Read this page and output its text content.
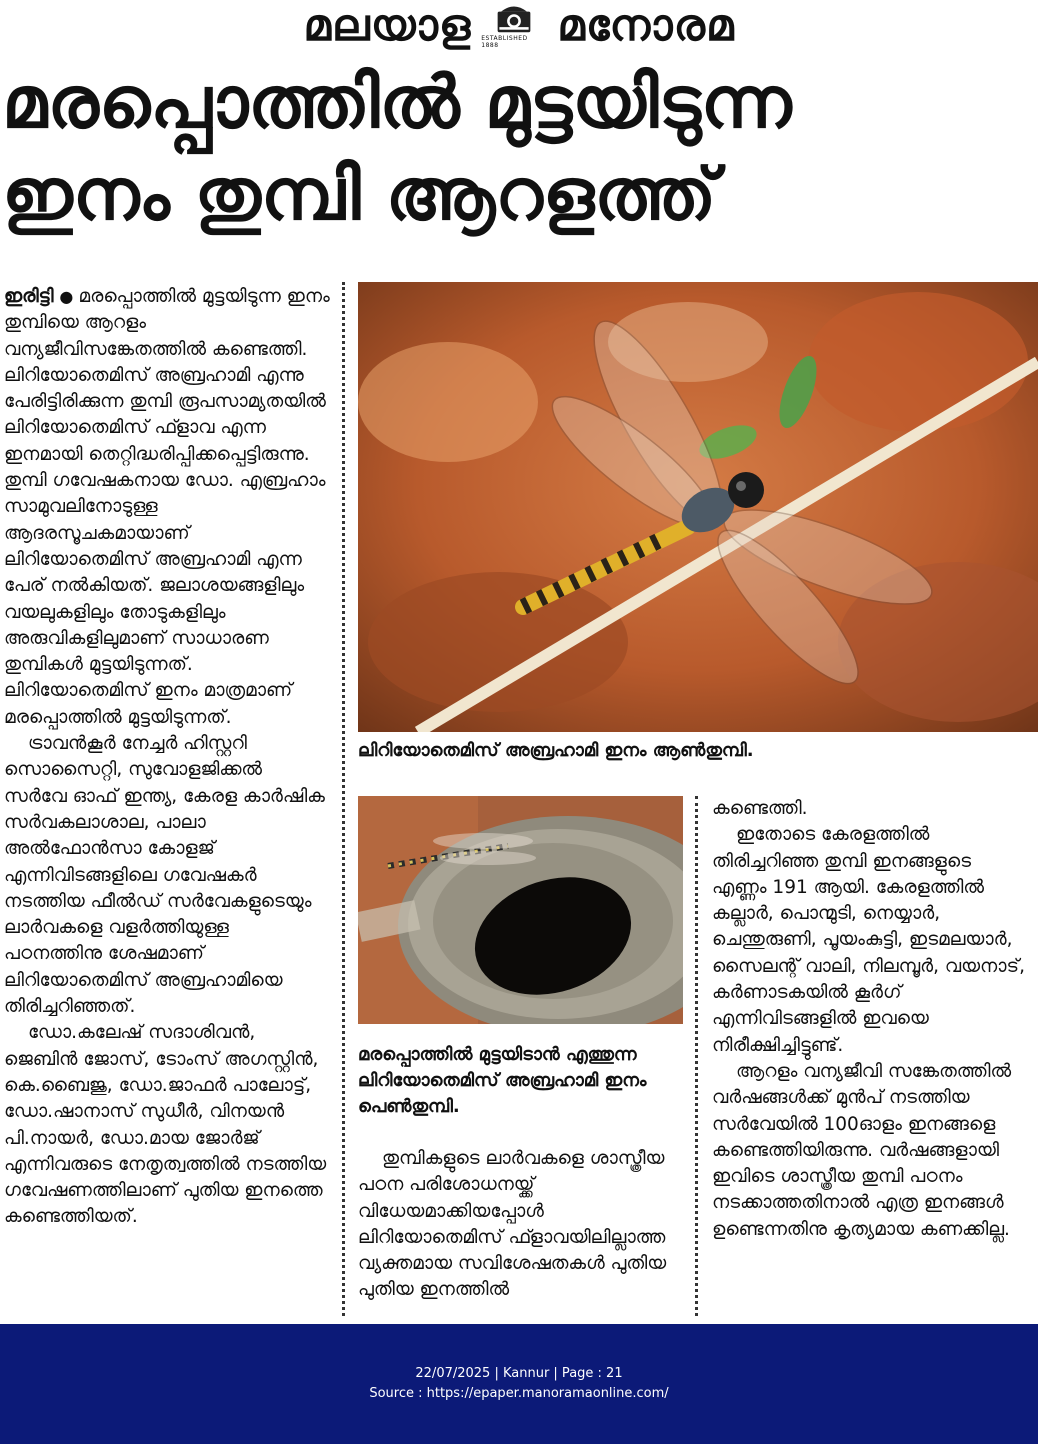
മലയാള ESTABLISHED 1888	മനോരമ
മരപ്പൊത്തിൽ മുട്ടയിടുന്ന
ഇനം തുമ്പി ആറളത്ത്

ഇരിട്ടി ● മരപ്പൊത്തിൽ മുട്ടയിടുന്ന ഇനം തുമ്പിയെ ആറളം വന്യജീവിസങ്കേതത്തിൽ കണ്ടെത്തി. ലിറിയോതെമിസ് അബ്രഹാമി എന്നു പേരിട്ടിരിക്കുന്ന തുമ്പി രൂപസാമ്യതയിൽ ലിറിയോതെമിസ് ഫ്ളാവ എന്ന ഇനമായി തെറ്റിദ്ധരിപ്പിക്കപ്പെട്ടിരുന്നു. തുമ്പി ഗവേഷകനായ ഡോ. എബ്രഹാം സാമുവലിനോടുള്ള ആദരസൂചകമായാണ് ലിറിയോതെമിസ് അബ്രഹാമി എന്ന പേര് നൽകിയത്. ജലാശയങ്ങളിലും വയലുകളിലും തോടുകളിലും അരുവികളിലുമാണ് സാധാരണ തുമ്പികൾ മുട്ടയിടുന്നത്. ലിറിയോതെമിസ് ഇനം മാത്രമാണ് മരപ്പൊത്തിൽ മുട്ടയിടുന്നത്.

ട്രാവൻകൂർ നേച്ചർ ഹിസ്റ്ററി സൊസൈറ്റി, സുവോളജിക്കൽ സർവേ ഓഫ് ഇന്ത്യ, കേരള കാർഷിക സർവകലാശാല, പാലാ അൽഫോൻസാ കോളജ് എന്നിവിടങ്ങളിലെ ഗവേഷകർ നടത്തിയ ഫീൽഡ് സർവേകളുടെയും ലാർവകളെ വളർത്തിയുള്ള പഠനത്തിനു ശേഷമാണ് ലിറിയോതെമിസ് അബ്രഹാമിയെ തിരിച്ചറിഞ്ഞത്.

ഡോ.കലേഷ് സദാശിവൻ, ജെബിൻ ജോസ്, ടോംസ് അഗസ്റ്റിൻ, കെ.ബൈജു, ഡോ.ജാഫർ പാലോട്ട്, ഡോ.ഷാനാസ് സുധീർ, വിനയൻ പി.നായർ, ഡോ.മായ ജോർജ് എന്നിവരുടെ നേതൃത്വത്തിൽ നടത്തിയ ഗവേഷണത്തിലാണ് പുതിയ ഇനത്തെ കണ്ടെത്തിയത്.

ലിറിയോതെമിസ് അബ്രഹാമി ഇനം ആൺതുമ്പി.
മരപ്പൊത്തിൽ മുട്ടയിടാൻ എത്തുന്ന ലിറിയോതെമിസ് അബ്രഹാമി ഇനം പെൺതുമ്പി.

തുമ്പികളുടെ ലാർവകളെ ശാസ്ത്രീയ പഠന പരിശോധനയ്ക്ക് വിധേയമാക്കിയപ്പോൾ ലിറിയോതെമിസ് ഫ്ളാവയിലില്ലാത്ത വ്യക്തമായ സവിശേഷതകൾ പുതിയ പുതിയ ഇനത്തിൽ

കണ്ടെത്തി.

ഇതോടെ കേരളത്തിൽ തിരിച്ചറിഞ്ഞ തുമ്പി ഇനങ്ങളുടെ എണ്ണം 191 ആയി. കേരളത്തിൽ കല്ലാർ, പൊന്മുടി, നെയ്യാർ, ചെന്തുരുണി, പൂയംകുട്ടി, ഇടമലയാർ, സൈലന്റ് വാലി, നിലമ്പൂർ, വയനാട്, കർണാടകയിൽ കൂർഗ് എന്നിവിടങ്ങളിൽ ഇവയെ നിരീക്ഷിച്ചിട്ടുണ്ട്.

ആറളം വന്യജീവി സങ്കേതത്തിൽ വർഷങ്ങൾക്ക് മുൻപ് നടത്തിയ സർവേയിൽ 100ഓളം ഇനങ്ങളെ കണ്ടെത്തിയിരുന്നു. വർഷങ്ങളായി ഇവിടെ ശാസ്ത്രീയ തുമ്പി പഠനം നടക്കാത്തതിനാൽ എത്ര ഇനങ്ങൾ ഉണ്ടെന്നതിനു കൃത്യമായ കണക്കില്ല.

22/07/2025 | Kannur | Page : 21
Source : https://epaper.manoramaonline.com/
